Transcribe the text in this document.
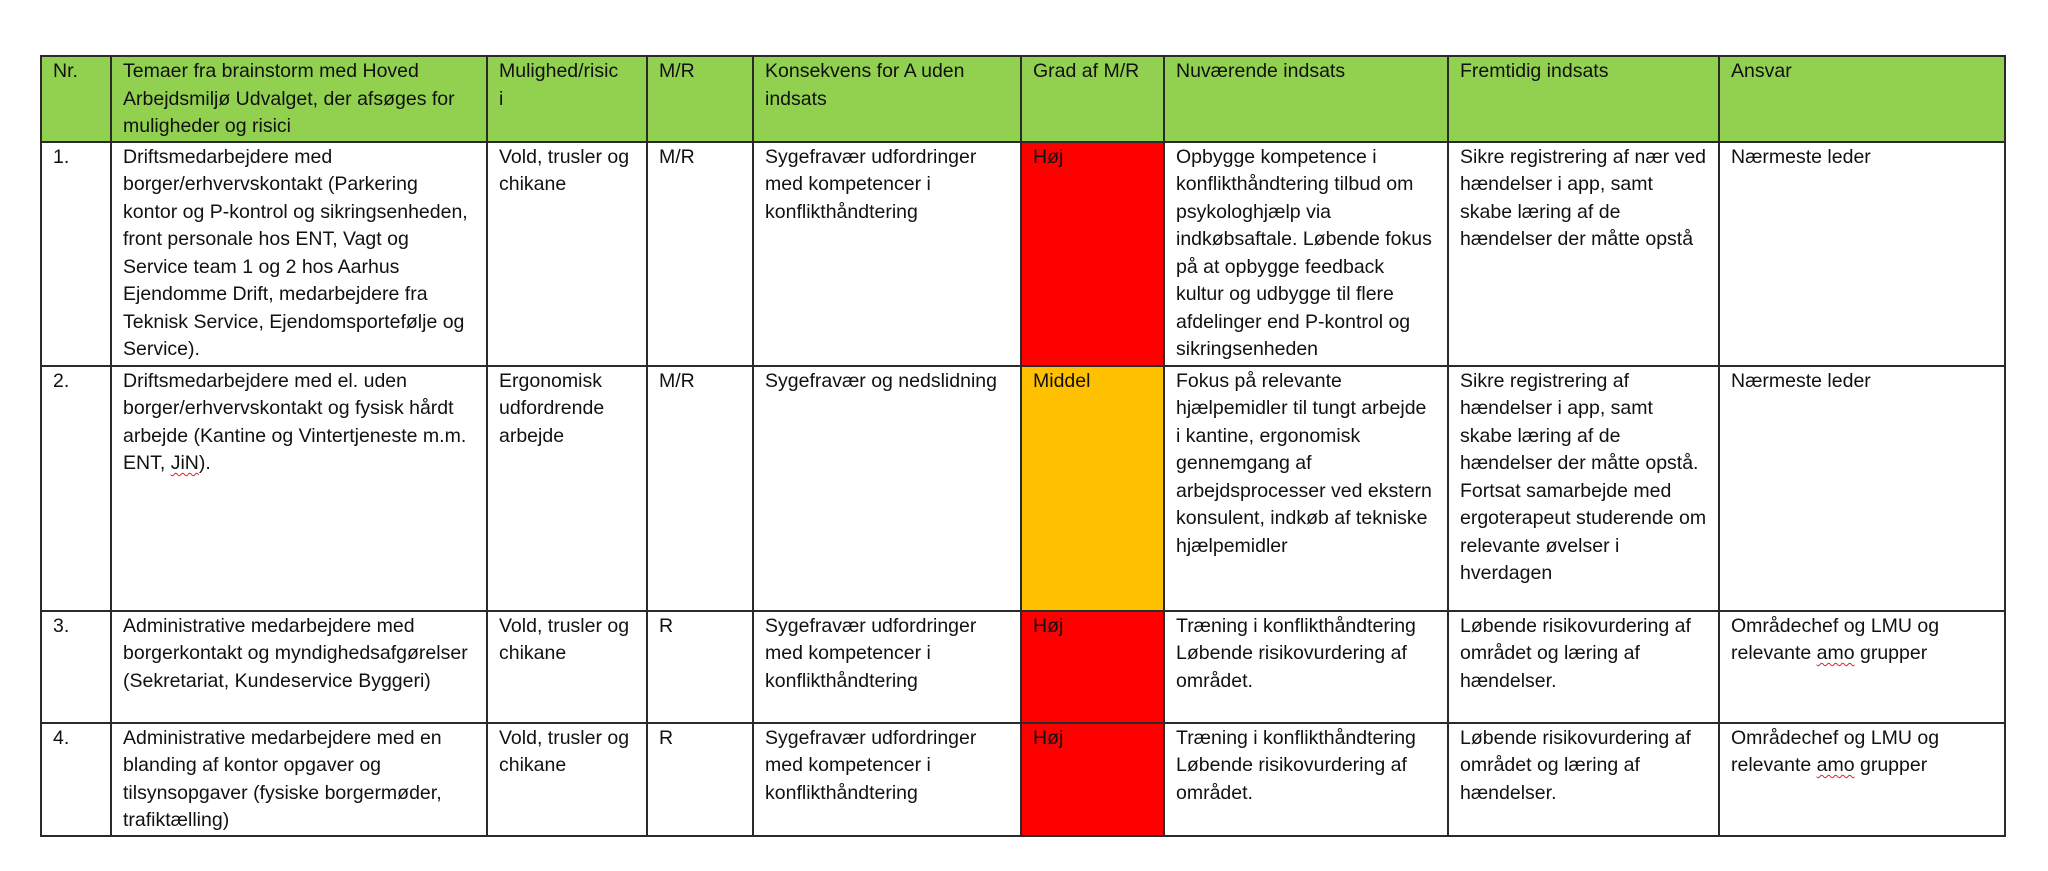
Nr.	Temaer fra brainstorm med Hoved Arbejdsmiljø Udvalget, der afsøges for muligheder og risici	Mulighed/risic
i	M/R	Konsekvens for A uden indsats	Grad af M/R	Nuværende indsats	Fremtidig indsats	Ansvar

1.	Driftsmedarbejdere med borger/erhvervskontakt (Parkering kontor og P-kontrol og sikringsenheden, front personale hos ENT, Vagt og Service team 1 og 2 hos Aarhus Ejendomme Drift, medarbejdere fra Teknisk Service, Ejendomsportefølje og Service).	Vold, trusler og chikane	M/R	Sygefravær udfordringer med kompetencer i konflikthåndtering	Høj	Opbygge kompetence i konflikthåndtering tilbud om psykologhjælp via indkøbsaftale. Løbende fokus på at opbygge feedback kultur og udbygge til flere afdelinger end P-kontrol og sikringsenheden	Sikre registrering af nær ved hændelser i app, samt skabe læring af de hændelser der måtte opstå	Nærmeste leder

2.	Driftsmedarbejdere med el. uden borger/erhvervskontakt og fysisk hårdt arbejde (Kantine og Vintertjeneste m.m. ENT, JiN).	Ergonomisk udfordrende arbejde	M/R	Sygefravær og nedslidning	Middel	Fokus på relevante hjælpemidler til tungt arbejde i kantine, ergonomisk gennemgang af arbejdsprocesser ved ekstern konsulent, indkøb af tekniske hjælpemidler	Sikre registrering af hændelser i app, samt skabe læring af de hændelser der måtte opstå.
Fortsat samarbejde med ergoterapeut studerende om relevante øvelser i hverdagen	Nærmeste leder

3.	Administrative medarbejdere med borgerkontakt og myndighedsafgørelser (Sekretariat, Kundeservice Byggeri)	Vold, trusler og chikane	R	Sygefravær udfordringer med kompetencer i konflikthåndtering	Høj	Træning i konflikthåndtering
Løbende risikovurdering af området.	Løbende risikovurdering af området og læring af hændelser.	Områdechef og LMU og relevante amo grupper

4.	Administrative medarbejdere med en blanding af kontor opgaver og tilsynsopgaver (fysiske borgermøder, trafiktælling)	Vold, trusler og chikane	R	Sygefravær udfordringer med kompetencer i konflikthåndtering	Høj	Træning i konflikthåndtering
Løbende risikovurdering af området.	Løbende risikovurdering af området og læring af hændelser.	Områdechef og LMU og relevante amo grupper
